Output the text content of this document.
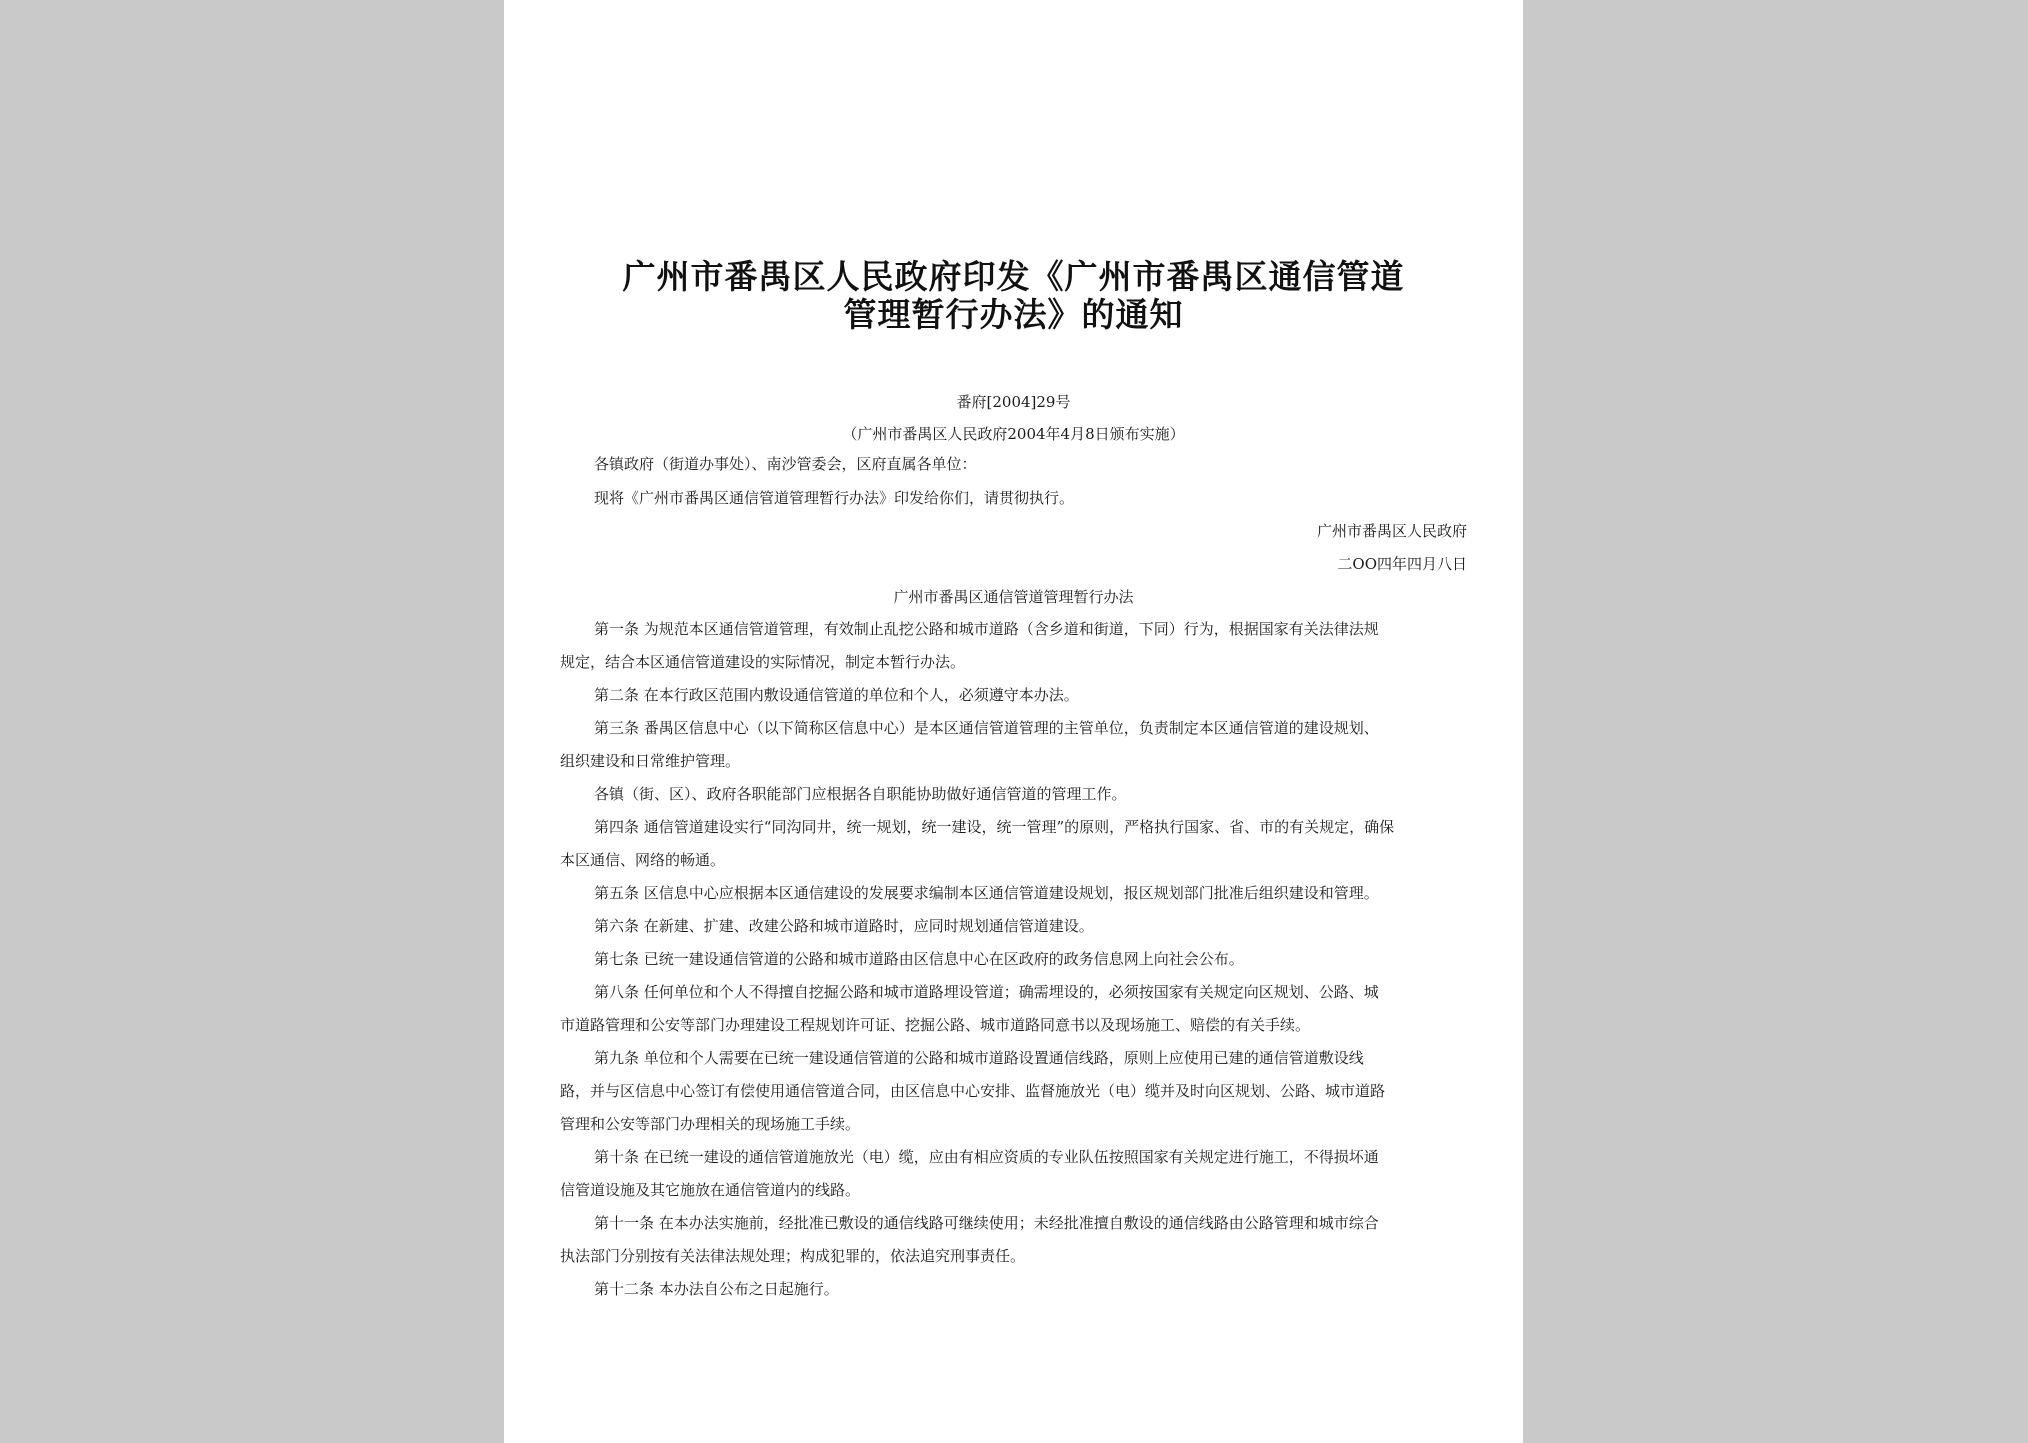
广州市番禺区人民政府印发《广州市番禺区通信管道
管理暂行办法》的通知
番府[2004]29号
（广州市番禺区人民政府2004年4月8日颁布实施）
各镇政府（街道办事处）、南沙管委会，区府直属各单位：
现将《广州市番禺区通信管道管理暂行办法》印发给你们，请贯彻执行。
广州市番禺区人民政府
二OO四年四月八日
广州市番禺区通信管道管理暂行办法
第一条 为规范本区通信管道管理，有效制止乱挖公路和城市道路（含乡道和街道，下同）行为，根据国家有关法律法规
规定，结合本区通信管道建设的实际情况，制定本暂行办法。
第二条 在本行政区范围内敷设通信管道的单位和个人，必须遵守本办法。
第三条 番禺区信息中心（以下简称区信息中心）是本区通信管道管理的主管单位，负责制定本区通信管道的建设规划、
组织建设和日常维护管理。
各镇（街、区）、政府各职能部门应根据各自职能协助做好通信管道的管理工作。
第四条 通信管道建设实行“同沟同井，统一规划，统一建设，统一管理”的原则，严格执行国家、省、市的有关规定，确保
本区通信、网络的畅通。
第五条 区信息中心应根据本区通信建设的发展要求编制本区通信管道建设规划，报区规划部门批准后组织建设和管理。
第六条 在新建、扩建、改建公路和城市道路时，应同时规划通信管道建设。
第七条 已统一建设通信管道的公路和城市道路由区信息中心在区政府的政务信息网上向社会公布。
第八条 任何单位和个人不得擅自挖掘公路和城市道路埋设管道；确需埋设的，必须按国家有关规定向区规划、公路、城
市道路管理和公安等部门办理建设工程规划许可证、挖掘公路、城市道路同意书以及现场施工、赔偿的有关手续。
第九条 单位和个人需要在已统一建设通信管道的公路和城市道路设置通信线路，原则上应使用已建的通信管道敷设线
路，并与区信息中心签订有偿使用通信管道合同，由区信息中心安排、监督施放光（电）缆并及时向区规划、公路、城市道路
管理和公安等部门办理相关的现场施工手续。
第十条 在已统一建设的通信管道施放光（电）缆，应由有相应资质的专业队伍按照国家有关规定进行施工，不得损坏通
信管道设施及其它施放在通信管道内的线路。
第十一条 在本办法实施前，经批准已敷设的通信线路可继续使用；未经批准擅自敷设的通信线路由公路管理和城市综合
执法部门分别按有关法律法规处理；构成犯罪的，依法追究刑事责任。
第十二条 本办法自公布之日起施行。
